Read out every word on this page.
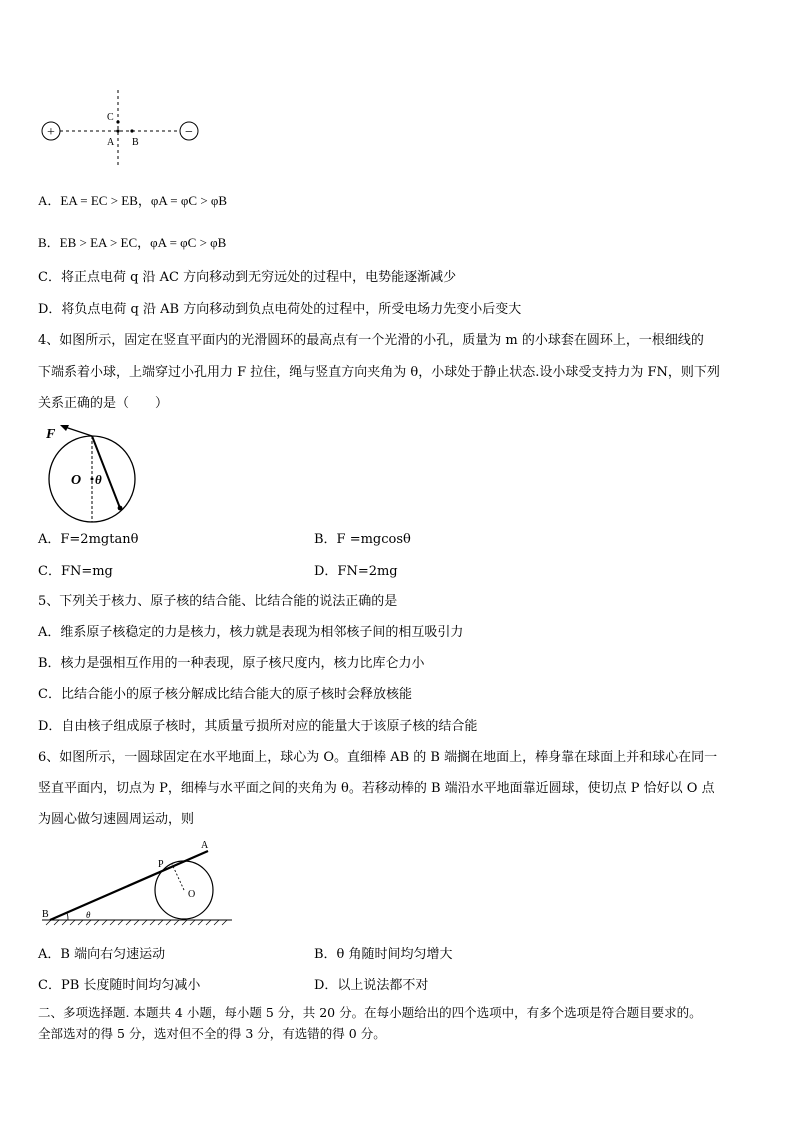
+	−
C
A B
A．EA = EC > EB，φA = φC > φB
B．EB > EA > EC，φA = φC > φB
C．将正点电荷 q 沿 AC 方向移动到无穷远处的过程中，电势能逐渐减少
D．将负点电荷 q 沿 AB 方向移动到负点电荷处的过程中，所受电场力先变小后变大
4、如图所示，固定在竖直平面内的光滑圆环的最高点有一个光滑的小孔，质量为 m 的小球套在圆环上，一根细线的
下端系着小球，上端穿过小孔用力 F 拉住，绳与竖直方向夹角为 θ，小球处于静止状态.设小球受支持力为 FN，则下列
关系正确的是（　　）
F
O θ
A．F=2mgtanθ	B．F =mgcosθ
C．FN=mg	D．FN=2mg
5、下列关于核力、原子核的结合能、比结合能的说法正确的是
A．维系原子核稳定的力是核力，核力就是表现为相邻核子间的相互吸引力
B．核力是强相互作用的一种表现，原子核尺度内，核力比库仑力小
C．比结合能小的原子核分解成比结合能大的原子核时会释放核能
D．自由核子组成原子核时，其质量亏损所对应的能量大于该原子核的结合能
6、如图所示，一圆球固定在水平地面上，球心为 O。直细棒 AB 的 B 端搁在地面上，棒身靠在球面上并和球心在同一
竖直平面内，切点为 P，细棒与水平面之间的夹角为 θ。若移动棒的 B 端沿水平地面靠近圆球，使切点 P 恰好以 O 点
为圆心做匀速圆周运动，则
A
P
O
B	θ
A．B 端向右匀速运动	B．θ 角随时间均匀增大
C．PB 长度随时间均匀减小	D．以上说法都不对
二、多项选择题. 本题共 4 小题，每小题 5 分，共 20 分。在每小题给出的四个选项中，有多个选项是符合题目要求的。
全部选对的得 5 分，选对但不全的得 3 分，有选错的得 0 分。
